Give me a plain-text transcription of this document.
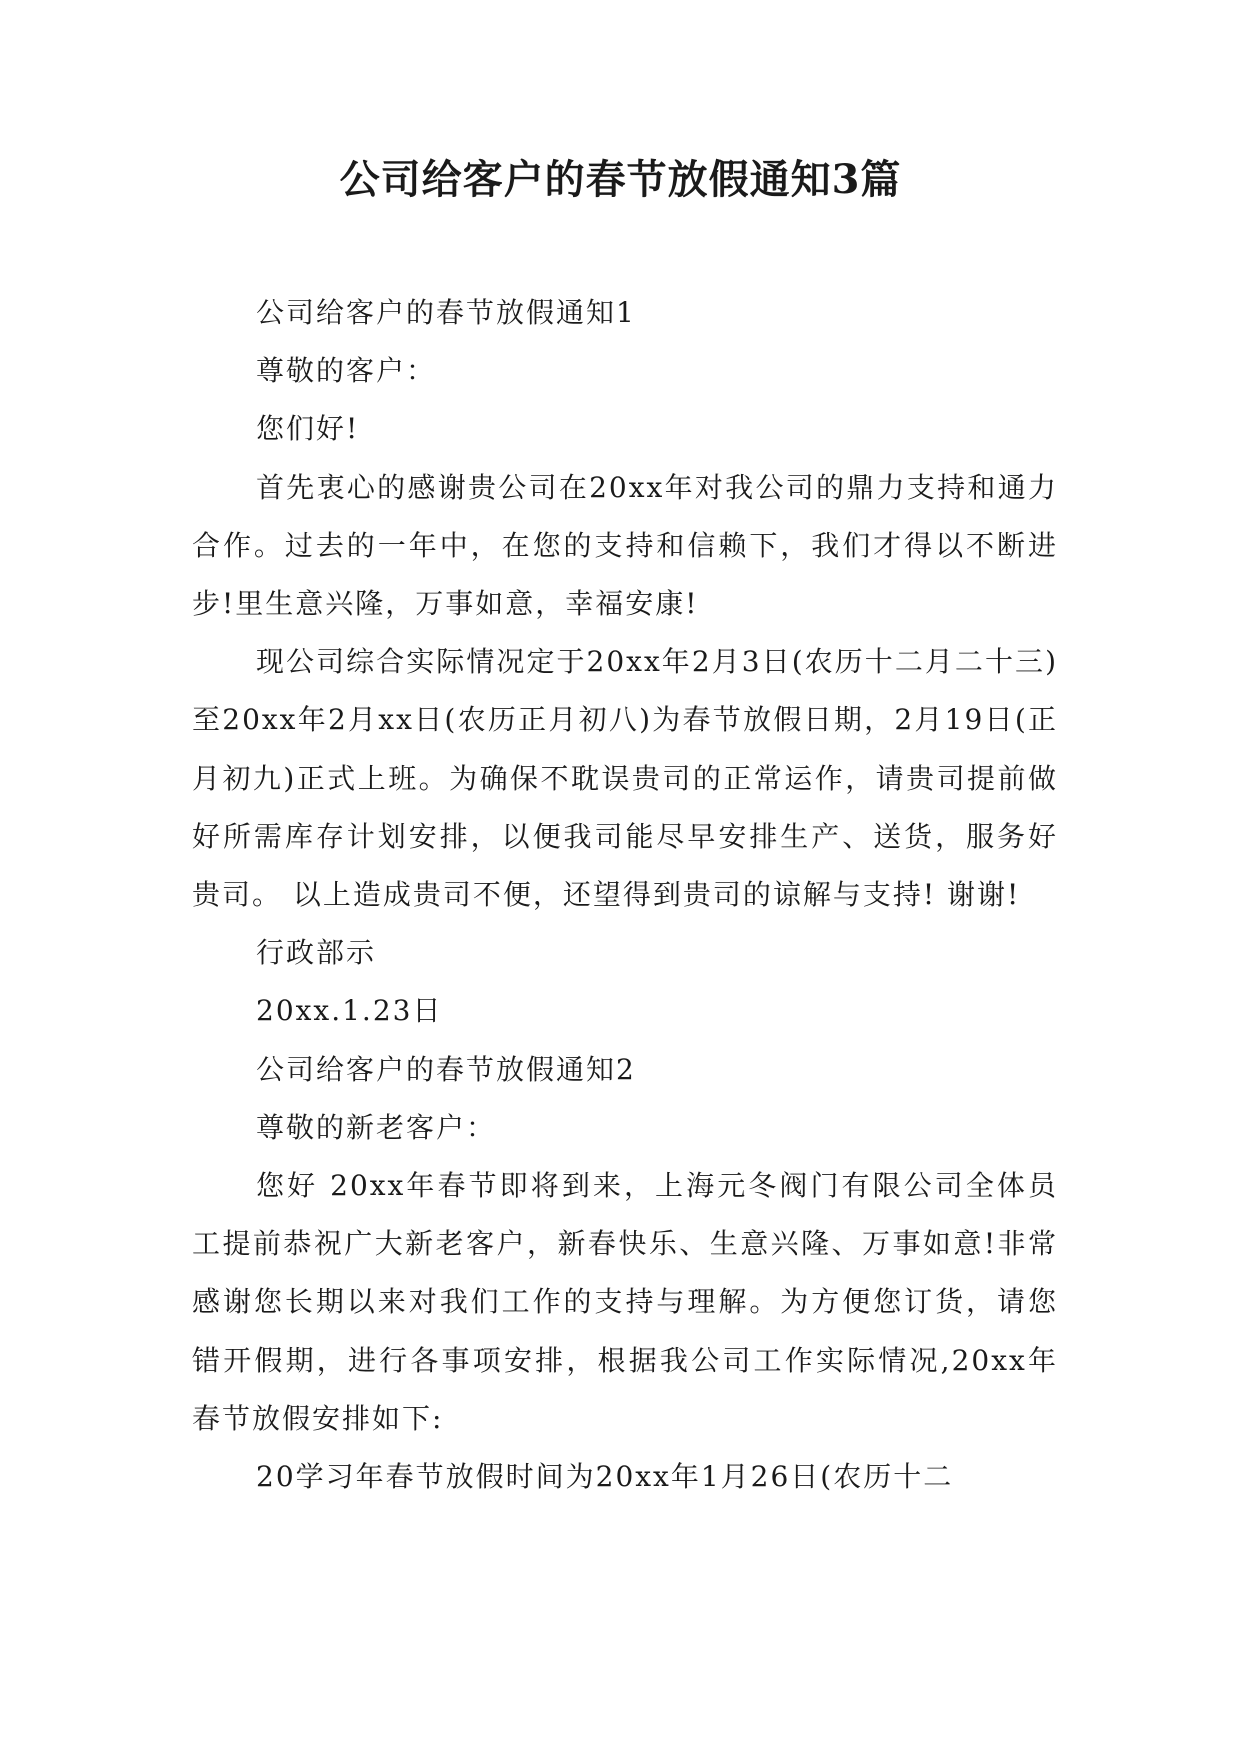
公司给客户的春节放假通知3篇

公司给客户的春节放假通知1

尊敬的客户：

您们好!

首先衷心的感谢贵公司在20xx年对我公司的鼎力支持和通力合作。过去的一年中，在您的支持和信赖下，我们才得以不断进步!里生意兴隆，万事如意，幸福安康!

现公司综合实际情况定于20xx年2月3日(农历十二月二十三)至20xx年2月xx日(农历正月初八)为春节放假日期，2月19日(正月初九)正式上班。为确保不耽误贵司的正常运作，请贵司提前做好所需库存计划安排，以便我司能尽早安排生产、送货，服务好贵司。 以上造成贵司不便，还望得到贵司的谅解与支持! 谢谢!

行政部示

20xx.1.23日

公司给客户的春节放假通知2

尊敬的新老客户：

您好 20xx年春节即将到来，上海元冬阀门有限公司全体员工提前恭祝广大新老客户，新春快乐、生意兴隆、万事如意!非常感谢您长期以来对我们工作的支持与理解。为方便您订货，请您错开假期，进行各事项安排，根据我公司工作实际情况,20xx年春节放假安排如下:

20学习年春节放假时间为20xx年1月26日(农历十二
